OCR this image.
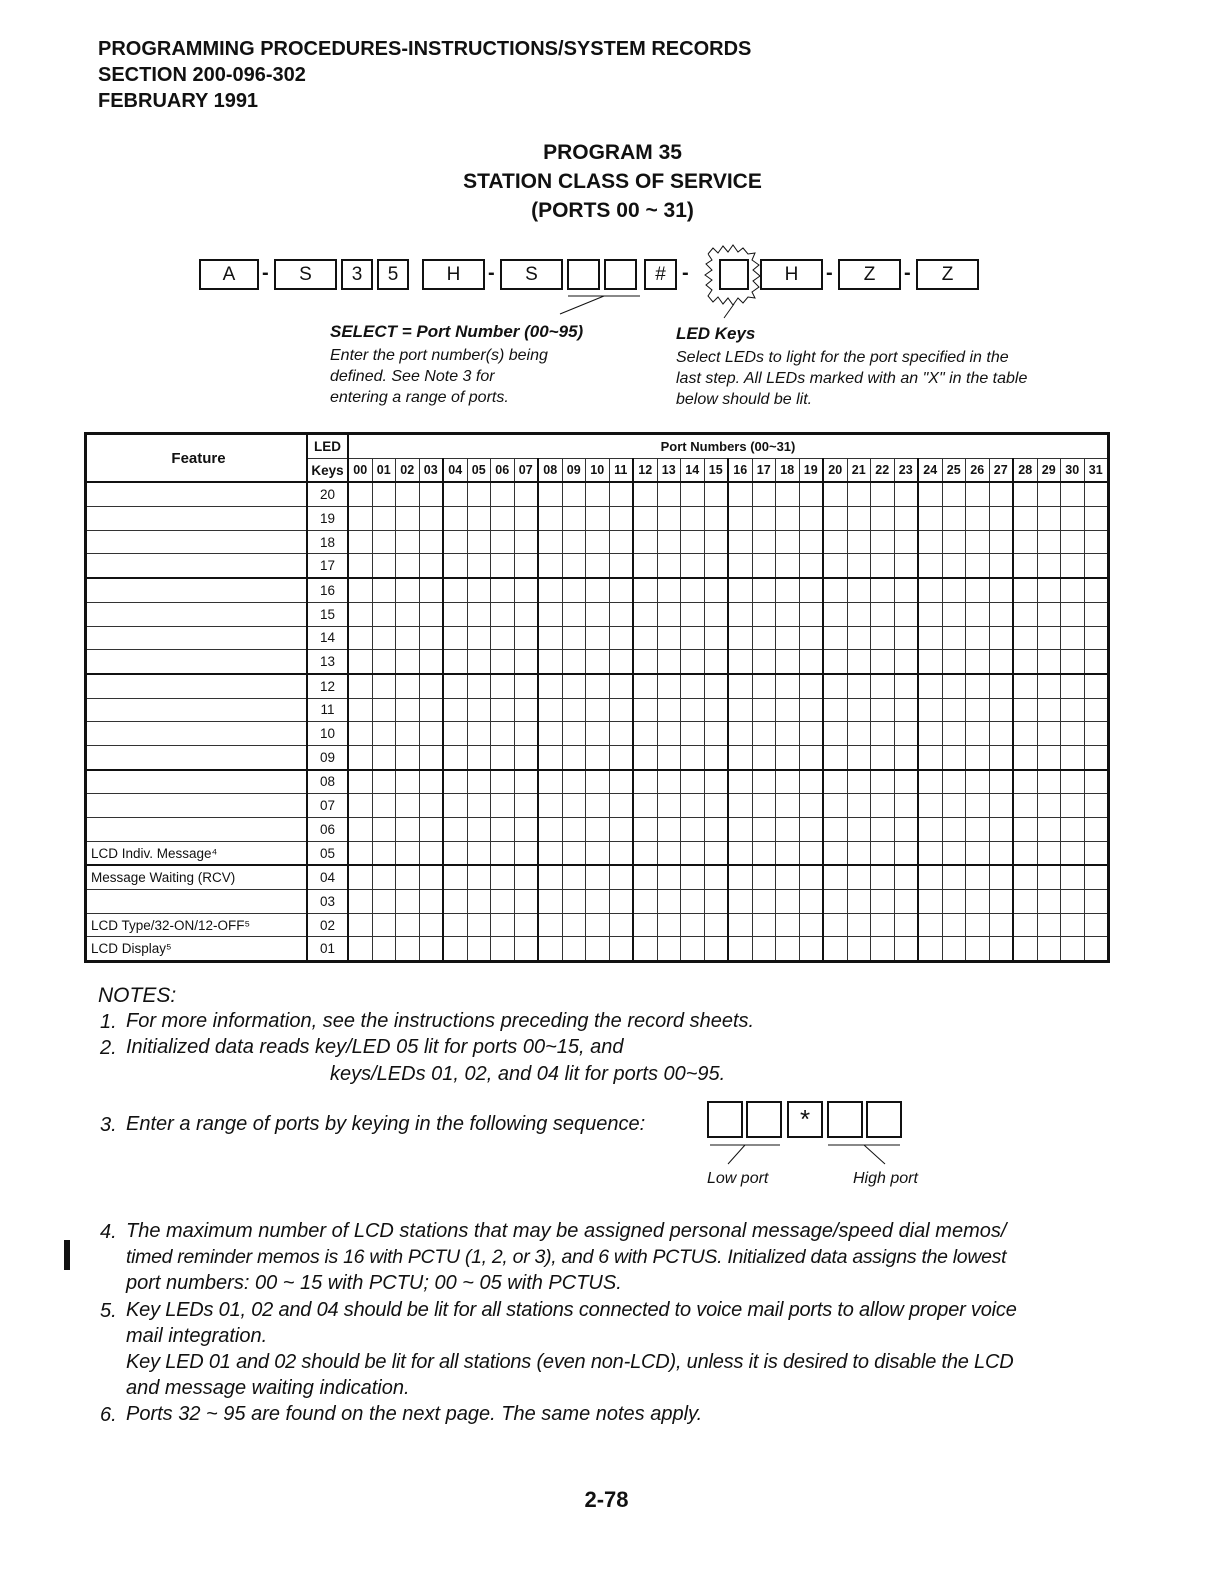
PROGRAMMING PROCEDURES-INSTRUCTIONS/SYSTEM RECORDS
SECTION 200-096-302
FEBRUARY 1991
PROGRAM 35
STATION CLASS OF SERVICE
(PORTS 00 ~ 31)
A	-	S	3	5	H	-	S	# -	H	-	Z	-	Z
SELECT = Port Number (00~95)
Enter the port number(s) being
defined. See Note 3 for
entering a range of ports.
LED Keys
Select LEDs to light for the port specified in the
last step. All LEDs marked with an "X" in the table
below should be lit.
Feature	LED	Port Numbers (00~31)																															
	Keys	00	01	02	03	04	05	06	07	08	09	10	11	12	13	14	15	16	17	18	19	20	21	22	23	24	25	26	27	28	29	30	31
	20																																
	19																																
	18																																
	17																																
	16																																
	15																																
	14																																
	13																																
	12																																
	11																																
	10																																
	09																																
	08																																
	07																																
	06																																
LCD Indiv. Message⁴	05																																
Message Waiting (RCV)	04																																
	03																																
LCD Type/32-ON/12-OFF⁵	02																																
LCD Display⁵	01																																
NOTES:
1. For more information, see the instructions preceding the record sheets.
2. Initialized data reads key/LED 05 lit for ports 00~15, and
keys/LEDs 01, 02, and 04 lit for ports 00~95.
3. Enter a range of ports by keying in the following sequence:	*
Low port	High port
4. The maximum number of LCD stations that may be assigned personal message/speed dial memos/
timed reminder memos is 16 with PCTU (1, 2, or 3), and 6 with PCTUS. Initialized data assigns the lowest
port numbers: 00 ~ 15 with PCTU; 00 ~ 05 with PCTUS.
5. Key LEDs 01, 02 and 04 should be lit for all stations connected to voice mail ports to allow proper voice
mail integration.
Key LED 01 and 02 should be lit for all stations (even non-LCD), unless it is desired to disable the LCD
and message waiting indication.
6. Ports 32 ~ 95 are found on the next page. The same notes apply.
2-78
